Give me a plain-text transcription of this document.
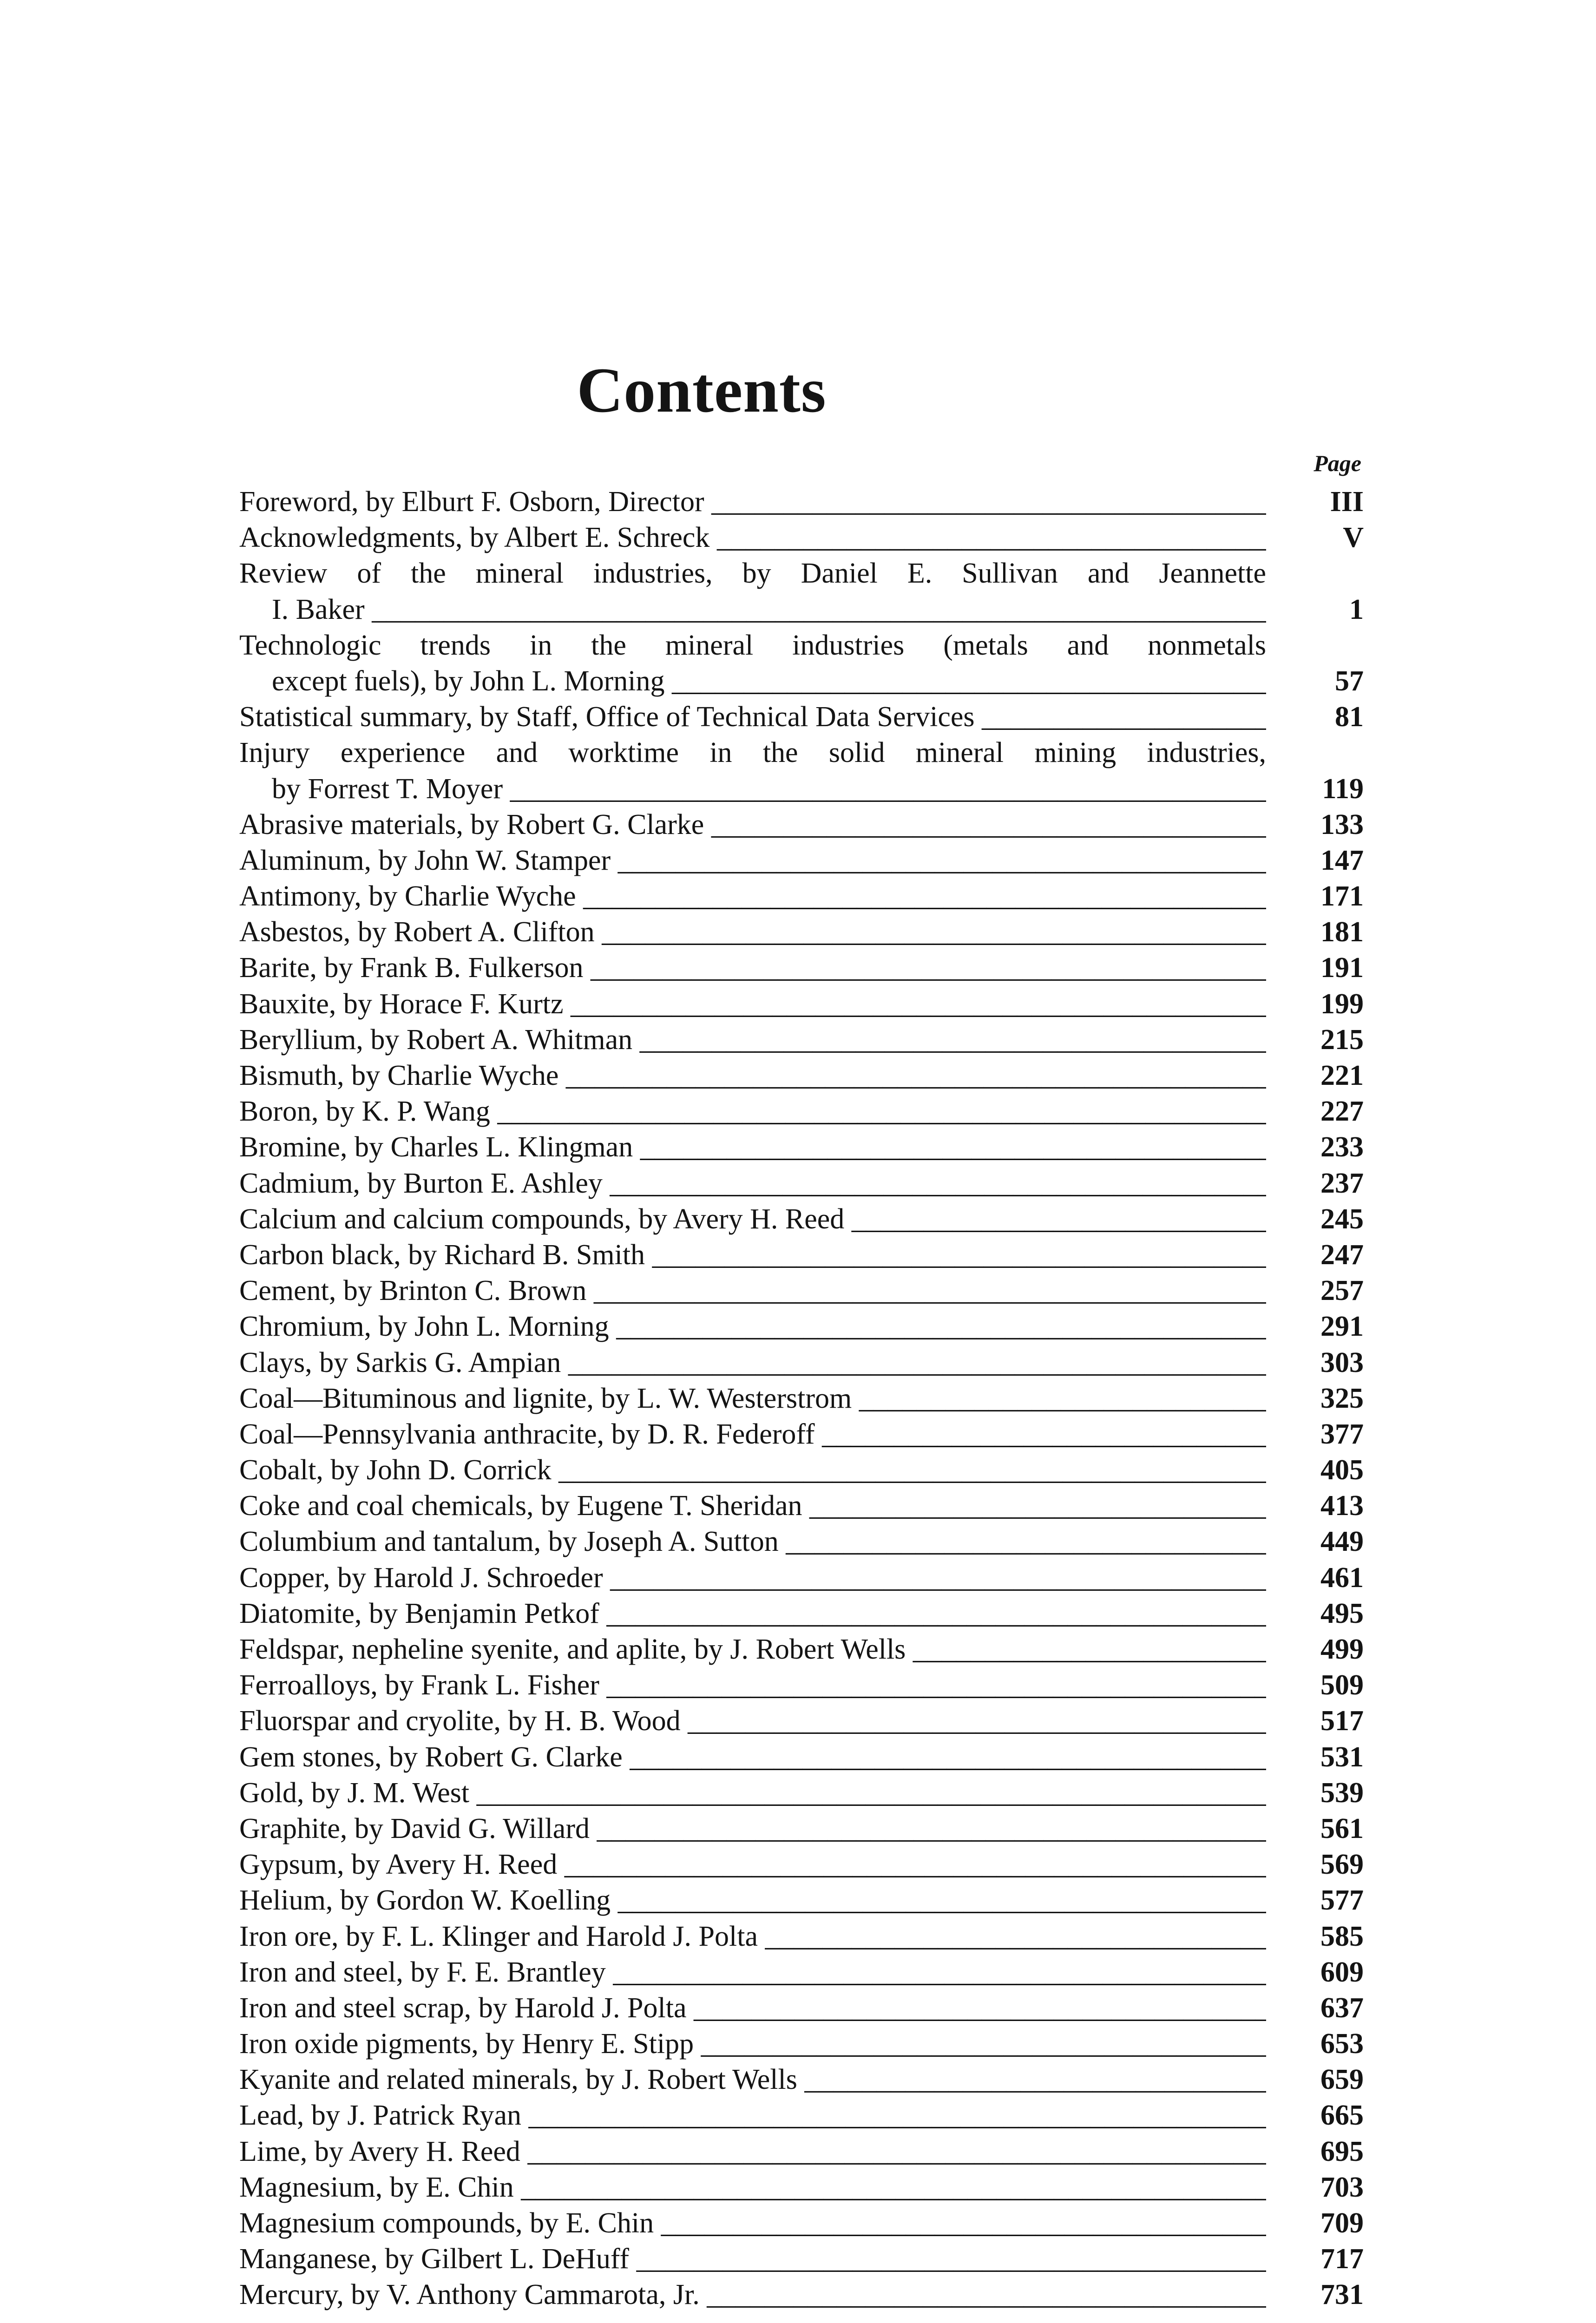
Contents
Page
Foreword, by Elburt F. Osborn, Director _____	III
Acknowledgments, by Albert E. Schreck _____	V
Review of the mineral industries, by Daniel E. Sullivan and Jeannette
I. Baker _____	1
Technologic trends in the mineral industries (metals and nonmetals
except fuels), by John L. Morning _____	57
Statistical summary, by Staff, Office of Technical Data Services _____	81
Injury experience and worktime in the solid mineral mining industries,
by Forrest T. Moyer _____	119
Abrasive materials, by Robert G. Clarke _____	133
Aluminum, by John W. Stamper _____	147
Antimony, by Charlie Wyche _____	171
Asbestos, by Robert A. Clifton _____	181
Barite, by Frank B. Fulkerson _____	191
Bauxite, by Horace F. Kurtz _____	199
Beryllium, by Robert A. Whitman _____	215
Bismuth, by Charlie Wyche _____	221
Boron, by K. P. Wang _____	227
Bromine, by Charles L. Klingman _____	233
Cadmium, by Burton E. Ashley _____	237
Calcium and calcium compounds, by Avery H. Reed _____	245
Carbon black, by Richard B. Smith _____	247
Cement, by Brinton C. Brown _____	257
Chromium, by John L. Morning _____	291
Clays, by Sarkis G. Ampian _____	303
Coal—Bituminous and lignite, by L. W. Westerstrom _____	325
Coal—Pennsylvania anthracite, by D. R. Federoff _____	377
Cobalt, by John D. Corrick _____	405
Coke and coal chemicals, by Eugene T. Sheridan _____	413
Columbium and tantalum, by Joseph A. Sutton _____	449
Copper, by Harold J. Schroeder _____	461
Diatomite, by Benjamin Petkof _____	495
Feldspar, nepheline syenite, and aplite, by J. Robert Wells _____	499
Ferroalloys, by Frank L. Fisher _____	509
Fluorspar and cryolite, by H. B. Wood _____	517
Gem stones, by Robert G. Clarke _____	531
Gold, by J. M. West _____	539
Graphite, by David G. Willard _____	561
Gypsum, by Avery H. Reed _____	569
Helium, by Gordon W. Koelling _____	577
Iron ore, by F. L. Klinger and Harold J. Polta _____	585
Iron and steel, by F. E. Brantley _____	609
Iron and steel scrap, by Harold J. Polta _____	637
Iron oxide pigments, by Henry E. Stipp _____	653
Kyanite and related minerals, by J. Robert Wells _____	659
Lead, by J. Patrick Ryan _____	665
Lime, by Avery H. Reed _____	695
Magnesium, by E. Chin _____	703
Magnesium compounds, by E. Chin _____	709
Manganese, by Gilbert L. DeHuff _____	717
Mercury, by V. Anthony Cammarota, Jr. _____	731
